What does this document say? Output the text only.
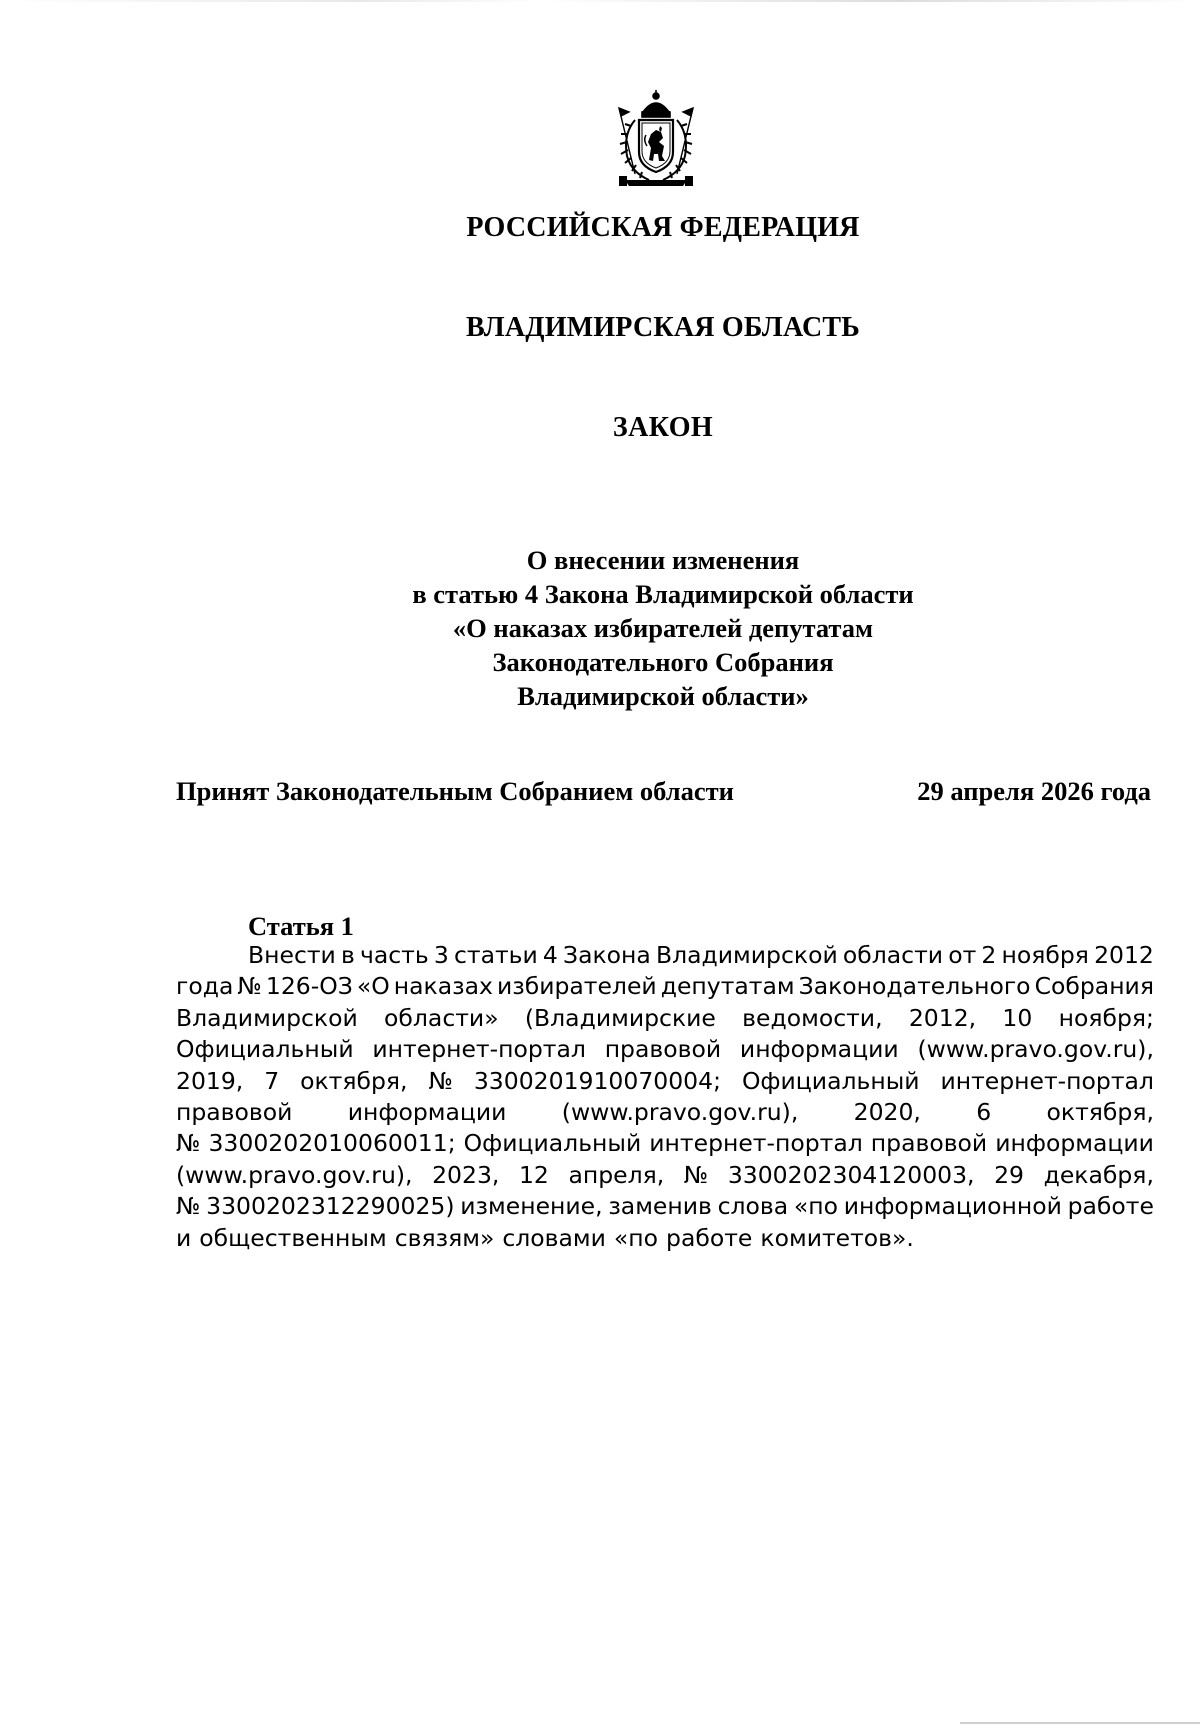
РОССИЙСКАЯ ФЕДЕРАЦИЯ
ВЛАДИМИРСКАЯ ОБЛАСТЬ
ЗАКОН
О внесении изменения
в статью 4 Закона Владимирской области
«О наказах избирателей депутатам
Законодательного Собрания
Владимирской области»
Принят Законодательным Собранием области	29 апреля 2026 года
Статья 1
Внести в часть 3 статьи 4 Закона Владимирской области от 2 ноября 2012
года № 126-ОЗ «О наказах избирателей депутатам Законодательного Собрания
Владимирской области» (Владимирские ведомости, 2012, 10 ноября;
Официальный интернет-портал правовой информации (www.pravo.gov.ru),
2019, 7 октября, № 3300201910070004; Официальный интернет-портал
правовой информации (www.pravo.gov.ru), 2020, 6 октября,
№ 3300202010060011; Официальный интернет-портал правовой информации
(www.pravo.gov.ru), 2023, 12 апреля, № 3300202304120003, 29 декабря,
№ 3300202312290025) изменение, заменив слова «по информационной работе
и общественным связям» словами «по работе комитетов».
